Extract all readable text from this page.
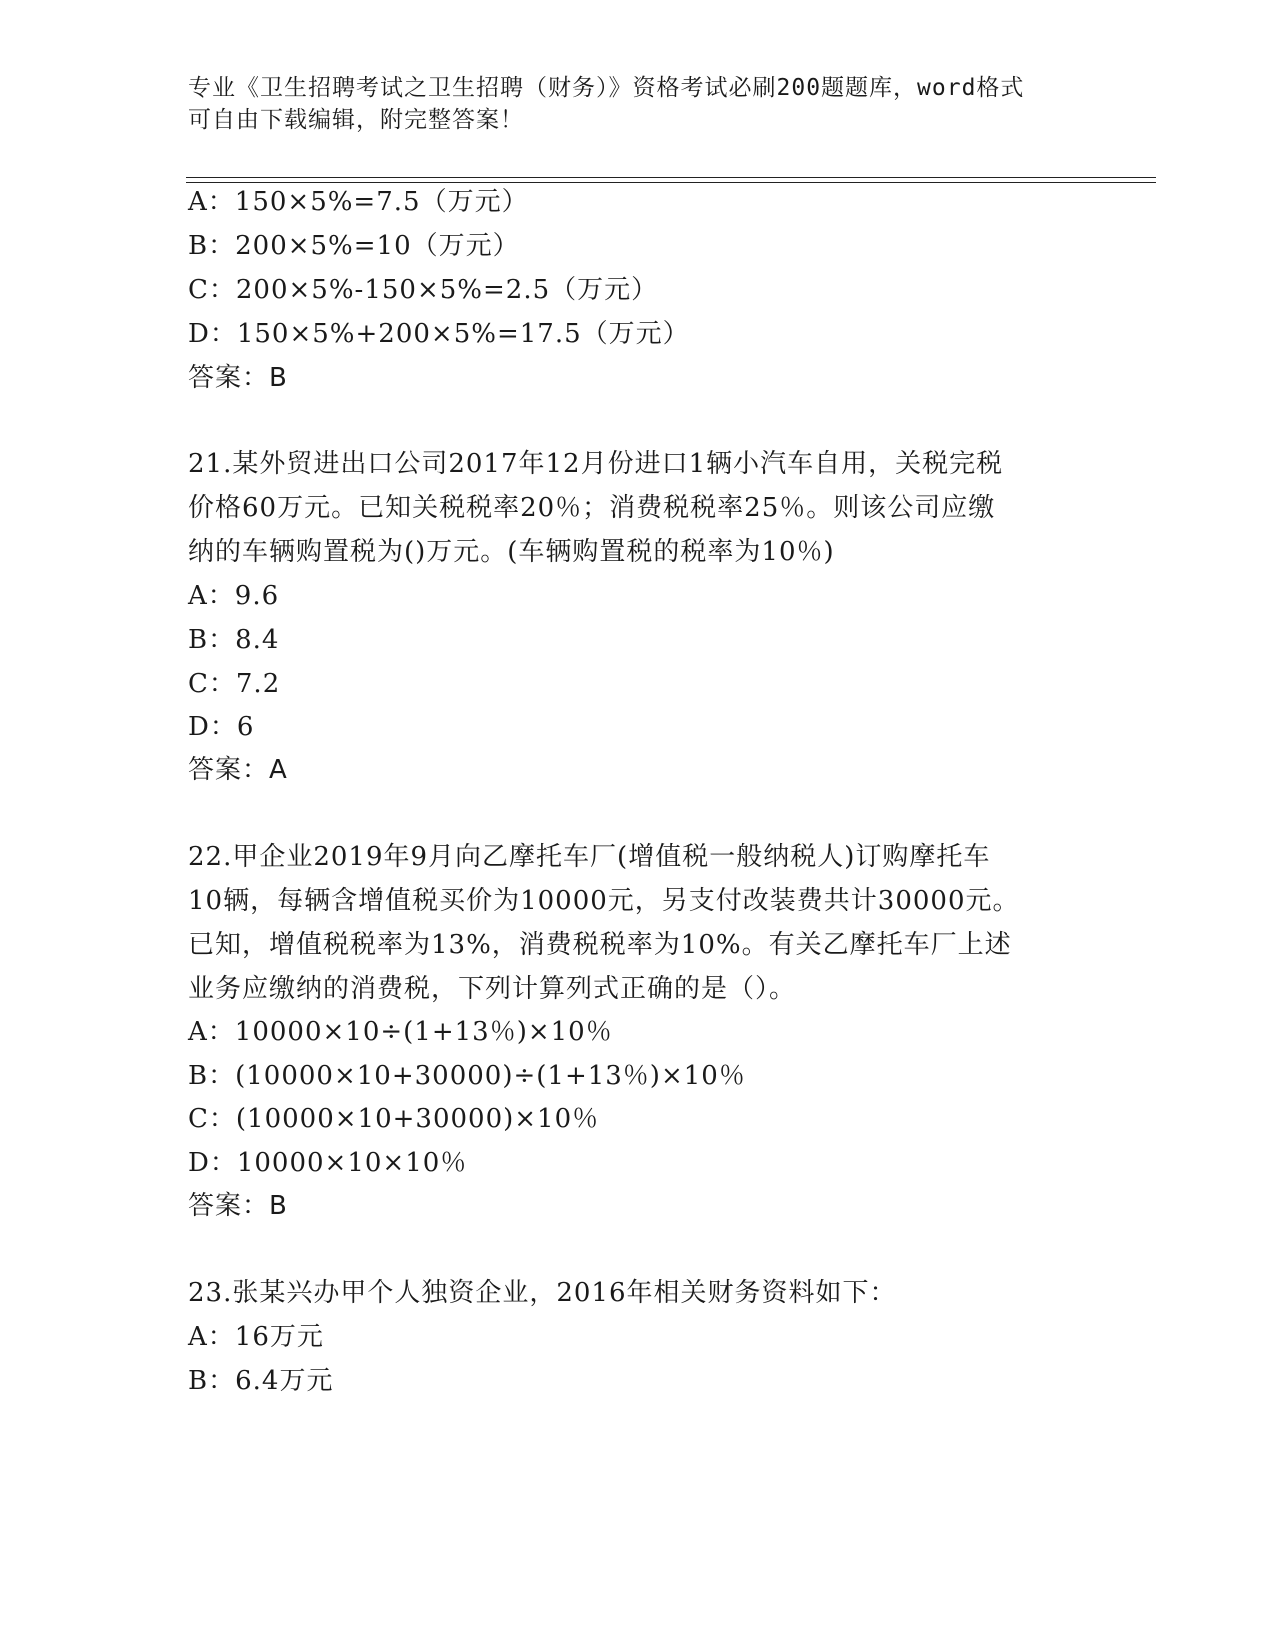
专业《卫生招聘考试之卫生招聘（财务）》资格考试必刷200题题库，word格式
可自由下载编辑，附完整答案！
A：150×5%=7.5（万元）
B：200×5%=10（万元）
C：200×5%-150×5%=2.5（万元）
D：150×5%+200×5%=17.5（万元）
答案：B
21.某外贸进出口公司2017年12月份进口1辆小汽车自用，关税完税
价格60万元。已知关税税率20％；消费税税率25％。则该公司应缴
纳的车辆购置税为()万元。(车辆购置税的税率为10％)
A：9.6
B：8.4
C：7.2
D：6
答案：A
22.甲企业2019年9月向乙摩托车厂(增值税一般纳税人)订购摩托车
10辆，每辆含增值税买价为10000元，另支付改装费共计30000元。
已知，增值税税率为13%，消费税税率为10%。有关乙摩托车厂上述
业务应缴纳的消费税，下列计算列式正确的是（）。
A：10000×10÷(1+13％)×10％
B：(10000×10+30000)÷(1+13％)×10％
C：(10000×10+30000)×10％
D：10000×10×10％
答案：B
23.张某兴办甲个人独资企业，2016年相关财务资料如下：
A：16万元
B：6.4万元
